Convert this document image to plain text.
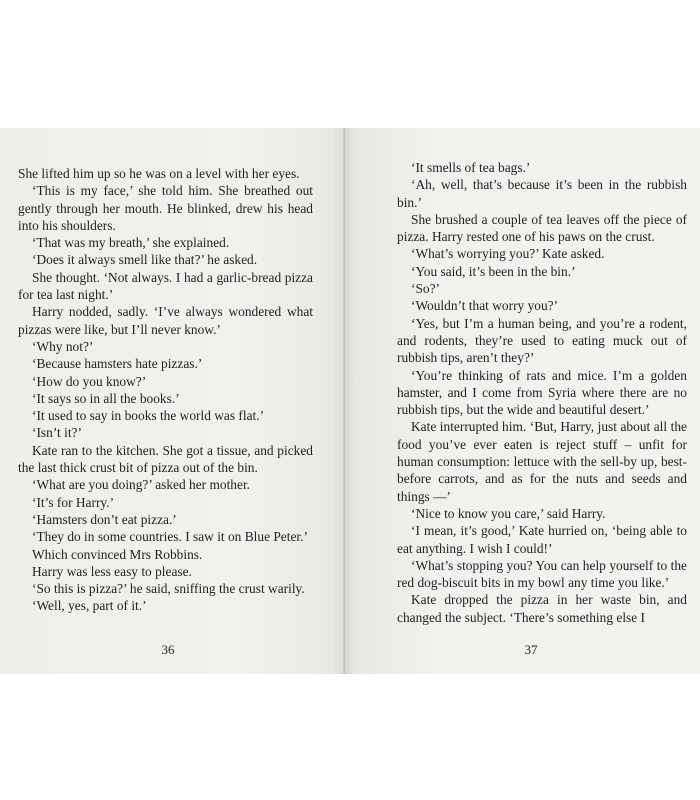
She lifted him up so he was on a level with her eyes.

‘This is my face,’ she told him. She breathed out gently through her mouth. He blinked, drew his head into his shoulders.

‘That was my breath,’ she explained.

‘Does it always smell like that?’ he asked.

She thought. ‘Not always. I had a garlic-bread pizza for tea last night.’

Harry nodded, sadly. ‘I’ve always wondered what pizzas were like, but I’ll never know.’

‘Why not?’

‘Because hamsters hate pizzas.’

‘How do you know?’

‘It says so in all the books.’

‘It used to say in books the world was flat.’

‘Isn’t it?’

Kate ran to the kitchen. She got a tissue, and picked the last thick crust bit of pizza out of the bin.

‘What are you doing?’ asked her mother.

‘It’s for Harry.’

‘Hamsters don’t eat pizza.’

‘They do in some countries. I saw it on Blue Peter.’

Which convinced Mrs Robbins.

Harry was less easy to please.

‘So this is pizza?’ he said, sniffing the crust warily.

‘Well, yes, part of it.’

36

‘It smells of tea bags.’

‘Ah, well, that’s because it’s been in the rubbish bin.’

She brushed a couple of tea leaves off the piece of pizza. Harry rested one of his paws on the crust.

‘What’s worrying you?’ Kate asked.

‘You said, it’s been in the bin.’

‘So?’

‘Wouldn’t that worry you?’

‘Yes, but I’m a human being, and you’re a rodent, and rodents, they’re used to eating muck out of rubbish tips, aren’t they?’

‘You’re thinking of rats and mice. I’m a golden hamster, and I come from Syria where there are no rubbish tips, but the wide and beautiful desert.’

Kate interrupted him. ‘But, Harry, just about all the food you’ve ever eaten is reject stuff – unfit for human consumption: lettuce with the sell-by up, best-before carrots, and as for the nuts and seeds and things —’

‘Nice to know you care,’ said Harry.

‘I mean, it’s good,’ Kate hurried on, ‘being able to eat anything. I wish I could!’

‘What’s stopping you? You can help yourself to the red dog-biscuit bits in my bowl any time you like.’

Kate dropped the pizza in her waste bin, and changed the subject. ‘There’s something else I

37
